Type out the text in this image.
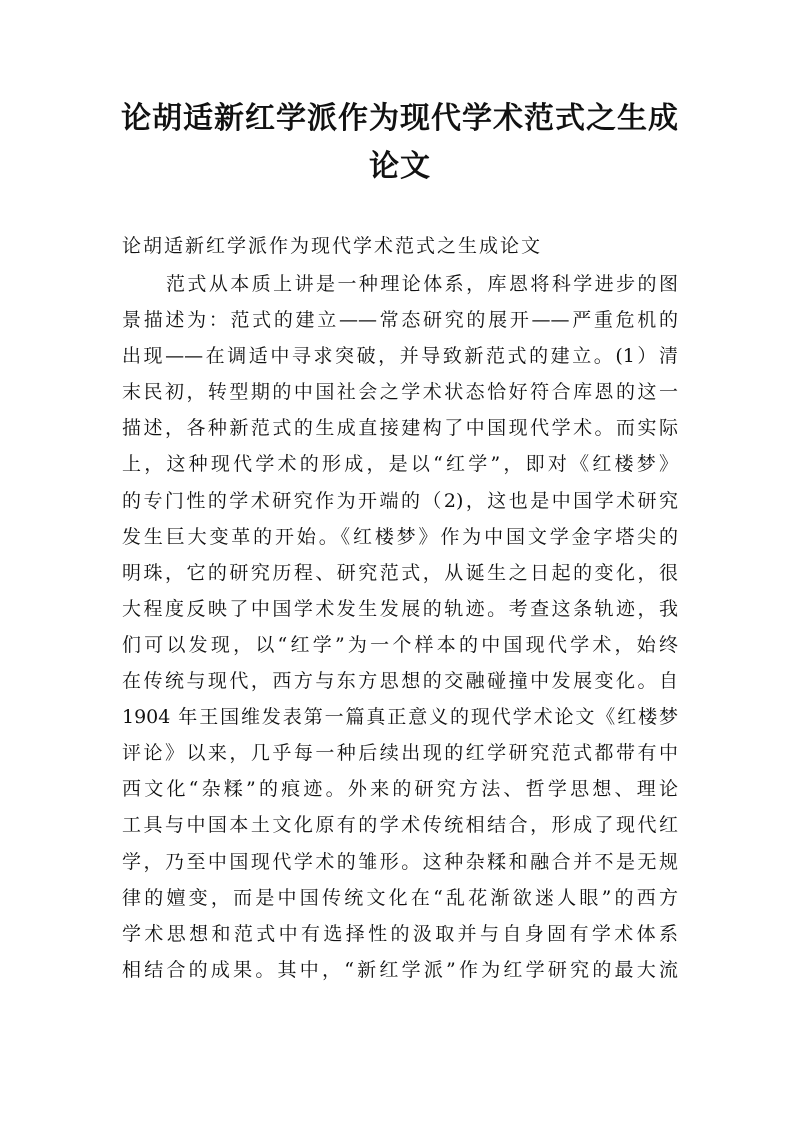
论胡适新红学派作为现代学术范式之生成
论文

论胡适新红学派作为现代学术范式之生成论文

范式从本质上讲是一种理论体系，库恩将科学进步的图
景描述为：范式的建立——常态研究的展开——严重危机的
出现——在调适中寻求突破，并导致新范式的建立。(1）清
末民初，转型期的中国社会之学术状态恰好符合库恩的这一
描述，各种新范式的生成直接建构了中国现代学术。而实际
上，这种现代学术的形成，是以“红学”，即对《红楼梦》
的专门性的学术研究作为开端的（2)，这也是中国学术研究
发生巨大变革的开始。《红楼梦》作为中国文学金字塔尖的
明珠，它的研究历程、研究范式，从诞生之日起的变化，很
大程度反映了中国学术发生发展的轨迹。考查这条轨迹，我
们可以发现，以“红学”为一个样本的中国现代学术，始终
在传统与现代，西方与东方思想的交融碰撞中发展变化。自
1904 年王国维发表第一篇真正意义的现代学术论文《红楼梦
评论》以来，几乎每一种后续出现的红学研究范式都带有中
西文化“杂糅”的痕迹。外来的研究方法、哲学思想、理论
工具与中国本土文化原有的学术传统相结合，形成了现代红
学，乃至中国现代学术的雏形。这种杂糅和融合并不是无规
律的嬗变，而是中国传统文化在“乱花渐欲迷人眼”的西方
学术思想和范式中有选择性的汲取并与自身固有学术体系
相结合的成果。其中，“新红学派”作为红学研究的最大流
